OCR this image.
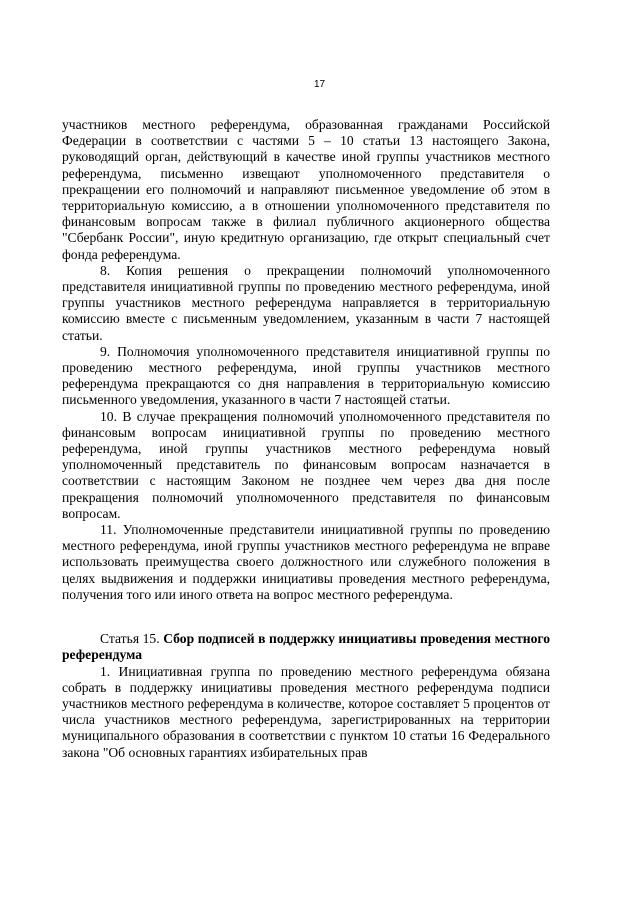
17

участников местного референдума, образованная гражданами Российской Федерации в соответствии с частями 5 – 10 статьи 13 настоящего Закона, руководящий орган, действующий в качестве иной группы участников местного референдума, письменно извещают уполномоченного представителя о прекращении его полномочий и направляют письменное уведомление об этом в территориальную комиссию, а в отношении уполномоченного представителя по финансовым вопросам также в филиал публичного акционерного общества "Сбербанк России", иную кредитную организацию, где открыт специальный счет фонда референдума.

8. Копия решения о прекращении полномочий уполномоченного представителя инициативной группы по проведению местного референдума, иной группы участников местного референдума направляется в территориальную комиссию вместе с письменным уведомлением, указанным в части 7 настоящей статьи.

9. Полномочия уполномоченного представителя инициативной группы по проведению местного референдума, иной группы участников местного референдума прекращаются со дня направления в территориальную комиссию письменного уведомления, указанного в части 7 настоящей статьи.

10. В случае прекращения полномочий уполномоченного представителя по финансовым вопросам инициативной группы по проведению местного референдума, иной группы участников местного референдума новый уполномоченный представитель по финансовым вопросам назначается в соответствии с настоящим Законом не позднее чем через два дня после прекращения полномочий уполномоченного представителя по финансовым вопросам.

11. Уполномоченные представители инициативной группы по проведению местного референдума, иной группы участников местного референдума не вправе использовать преимущества своего должностного или служебного положения в целях выдвижения и поддержки инициативы проведения местного референдума, получения того или иного ответа на вопрос местного референдума.

Статья 15. Сбор подписей в поддержку инициативы проведения местного референдума

1. Инициативная группа по проведению местного референдума обязана собрать в поддержку инициативы проведения местного референдума подписи участников местного референдума в количестве, которое составляет 5 процентов от числа участников местного референдума, зарегистрированных на территории муниципального образования в соответствии с пунктом 10 статьи 16 Федерального закона "Об основных гарантиях избирательных прав
